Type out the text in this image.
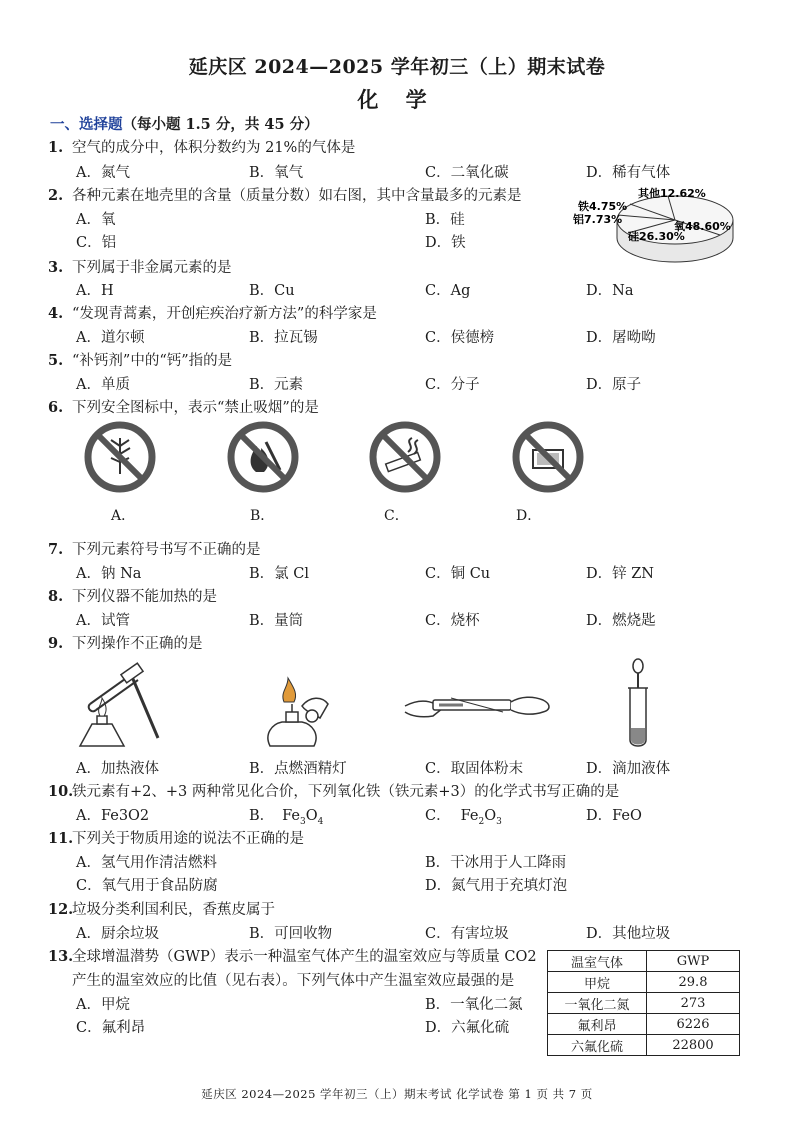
延庆区 2024—2025 学年初三（上）期末试卷
化 学
一、选择题（每小题 1.5 分，共 45 分）
1. 空气的成分中，体积分数约为 21%的气体是
A．氮气	B．氧气	C．二氧化碳	D．稀有气体
2. 各种元素在地壳里的含量（质量分数）如右图，其中含量最多的元素是
A．氧	B．硅
C．铝	D．铁
氧48.60%
硅26.30%
铝7.73%
铁4.75%
其他12.62%
3. 下列属于非金属元素的是
A．H	B．Cu	C．Ag	D．Na
4. “发现青蒿素，开创疟疾治疗新方法”的科学家是
A．道尔顿	B．拉瓦锡	C．侯德榜	D．屠呦呦
5. “补钙剂”中的“钙”指的是
A．单质	B．元素	C．分子	D．原子
6. 下列安全图标中，表示“禁止吸烟”的是
A．	B．	C．	D．
7. 下列元素符号书写不正确的是
A．钠 Na	B．氯 Cl	C．铜 Cu	D．锌 ZN
8. 下列仪器不能加热的是
A．试管	B．量筒	C．烧杯	D．燃烧匙
9. 下列操作不正确的是
A．加热液体	B．点燃酒精灯	C．取固体粉末	D．滴加液体
10.铁元素有+2、+3 两种常见化合价，下列氧化铁（铁元素+3）的化学式书写正确的是
A．Fe3O2	B． $Fe_3O_4$	C． $Fe_2O_3$	D．FeO
11.下列关于物质用途的说法不正确的是
A．氢气用作清洁燃料	B．干冰用于人工降雨
C．氧气用于食品防腐	D．氮气用于充填灯泡
12.垃圾分类利国利民，香蕉皮属于
A．厨余垃圾	B．可回收物	C．有害垃圾	D．其他垃圾
13.全球增温潜势（GWP）表示一种温室气体产生的温室效应与等质量 CO2
产生的温室效应的比值（见右表）。下列气体中产生温室效应最强的是
A．甲烷	B．一氧化二氮
C．氟利昂	D．六氟化硫
温室气体	GWP
甲烷	29.8
一氧化二氮	273
氟利昂	6226
六氟化硫	22800
延庆区 2024—2025 学年初三（上）期末考试 化学试卷 第 1 页 共 7 页
